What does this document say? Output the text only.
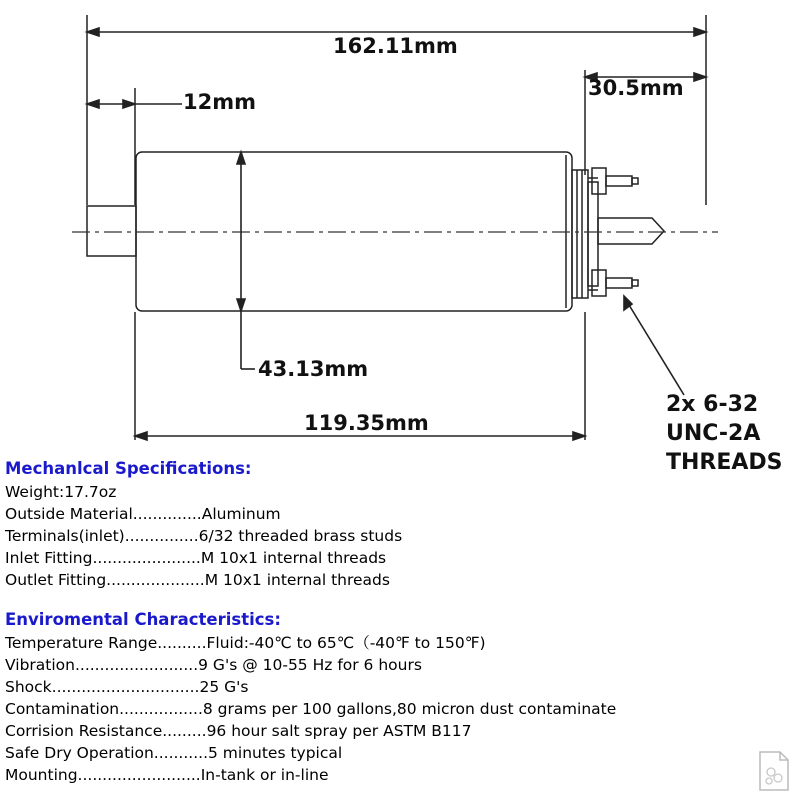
162.11mm
12mm
30.5mm
43.13mm
119.35mm
2x 6-32
UNC-2A
THREADS
Mechanlcal Specifications:
Weight:17.7oz
Outside Material..............Aluminum
Terminals(inlet)...............6/32 threaded brass studs
Inlet Fitting......................M 10x1 internal threads
Outlet Fitting....................M 10x1 internal threads
Enviromental Characteristics:
Temperature Range..........Fluid:-40℃ to 65℃（-40℉ to 150℉)
Vibration.........................9 G's @ 10-55 Hz for 6 hours
Shock..............................25 G's
Contamination.................8 grams per 100 gallons,80 micron dust contaminate
Corrision Resistance.........96 hour salt spray per ASTM B117
Safe Dry Operation...........5 minutes typical
Mounting.........................In-tank or in-line
